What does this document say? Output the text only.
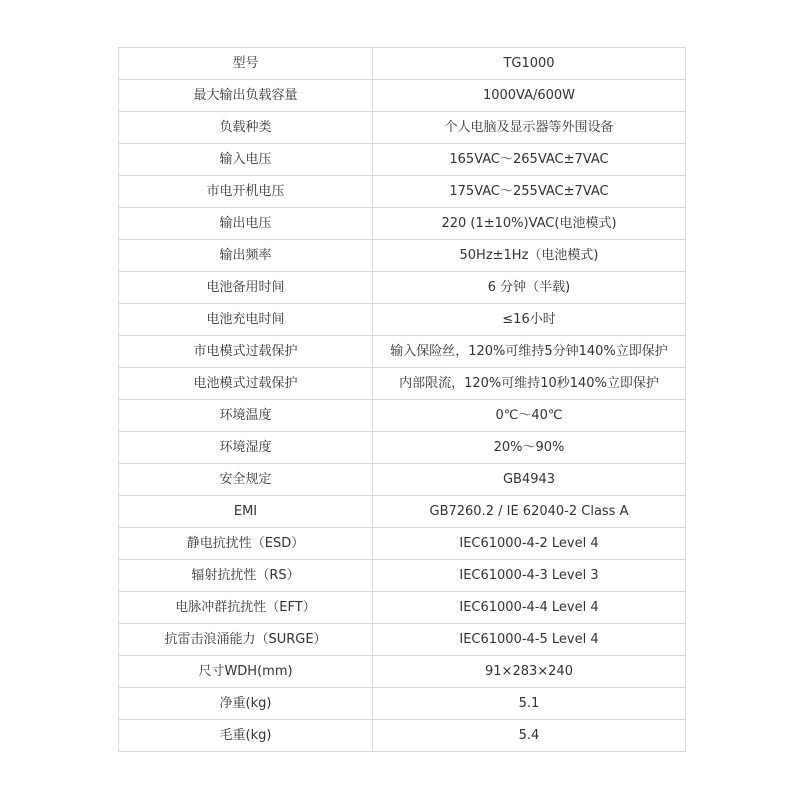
型号	TG1000
最大输出负载容量	1000VA/600W
负载种类	个人电脑及显示器等外围设备
输入电压	165VAC～265VAC±7VAC
市电开机电压	175VAC～255VAC±7VAC
输出电压	220 (1±10%)VAC(电池模式)
输出频率	50Hz±1Hz（电池模式)
电池备用时间	6 分钟（半载)
电池充电时间	≤16小时
市电模式过载保护	输入保险丝，120%可维持5分钟140%立即保护
电池模式过载保护	内部限流，120%可维持10秒140%立即保护
环境温度	0℃～40℃
环境湿度	20%～90%
安全规定	GB4943
EMI	GB7260.2 / IE 62040-2 Class A
静电抗扰性（ESD）	IEC61000-4-2 Level 4
辐射抗扰性（RS）	IEC61000-4-3 Level 3
电脉冲群抗扰性（EFT）	IEC61000-4-4 Level 4
抗雷击浪涌能力（SURGE）	IEC61000-4-5 Level 4
尺寸WDH(mm)	91×283×240
净重(kg)	5.1
毛重(kg)	5.4
